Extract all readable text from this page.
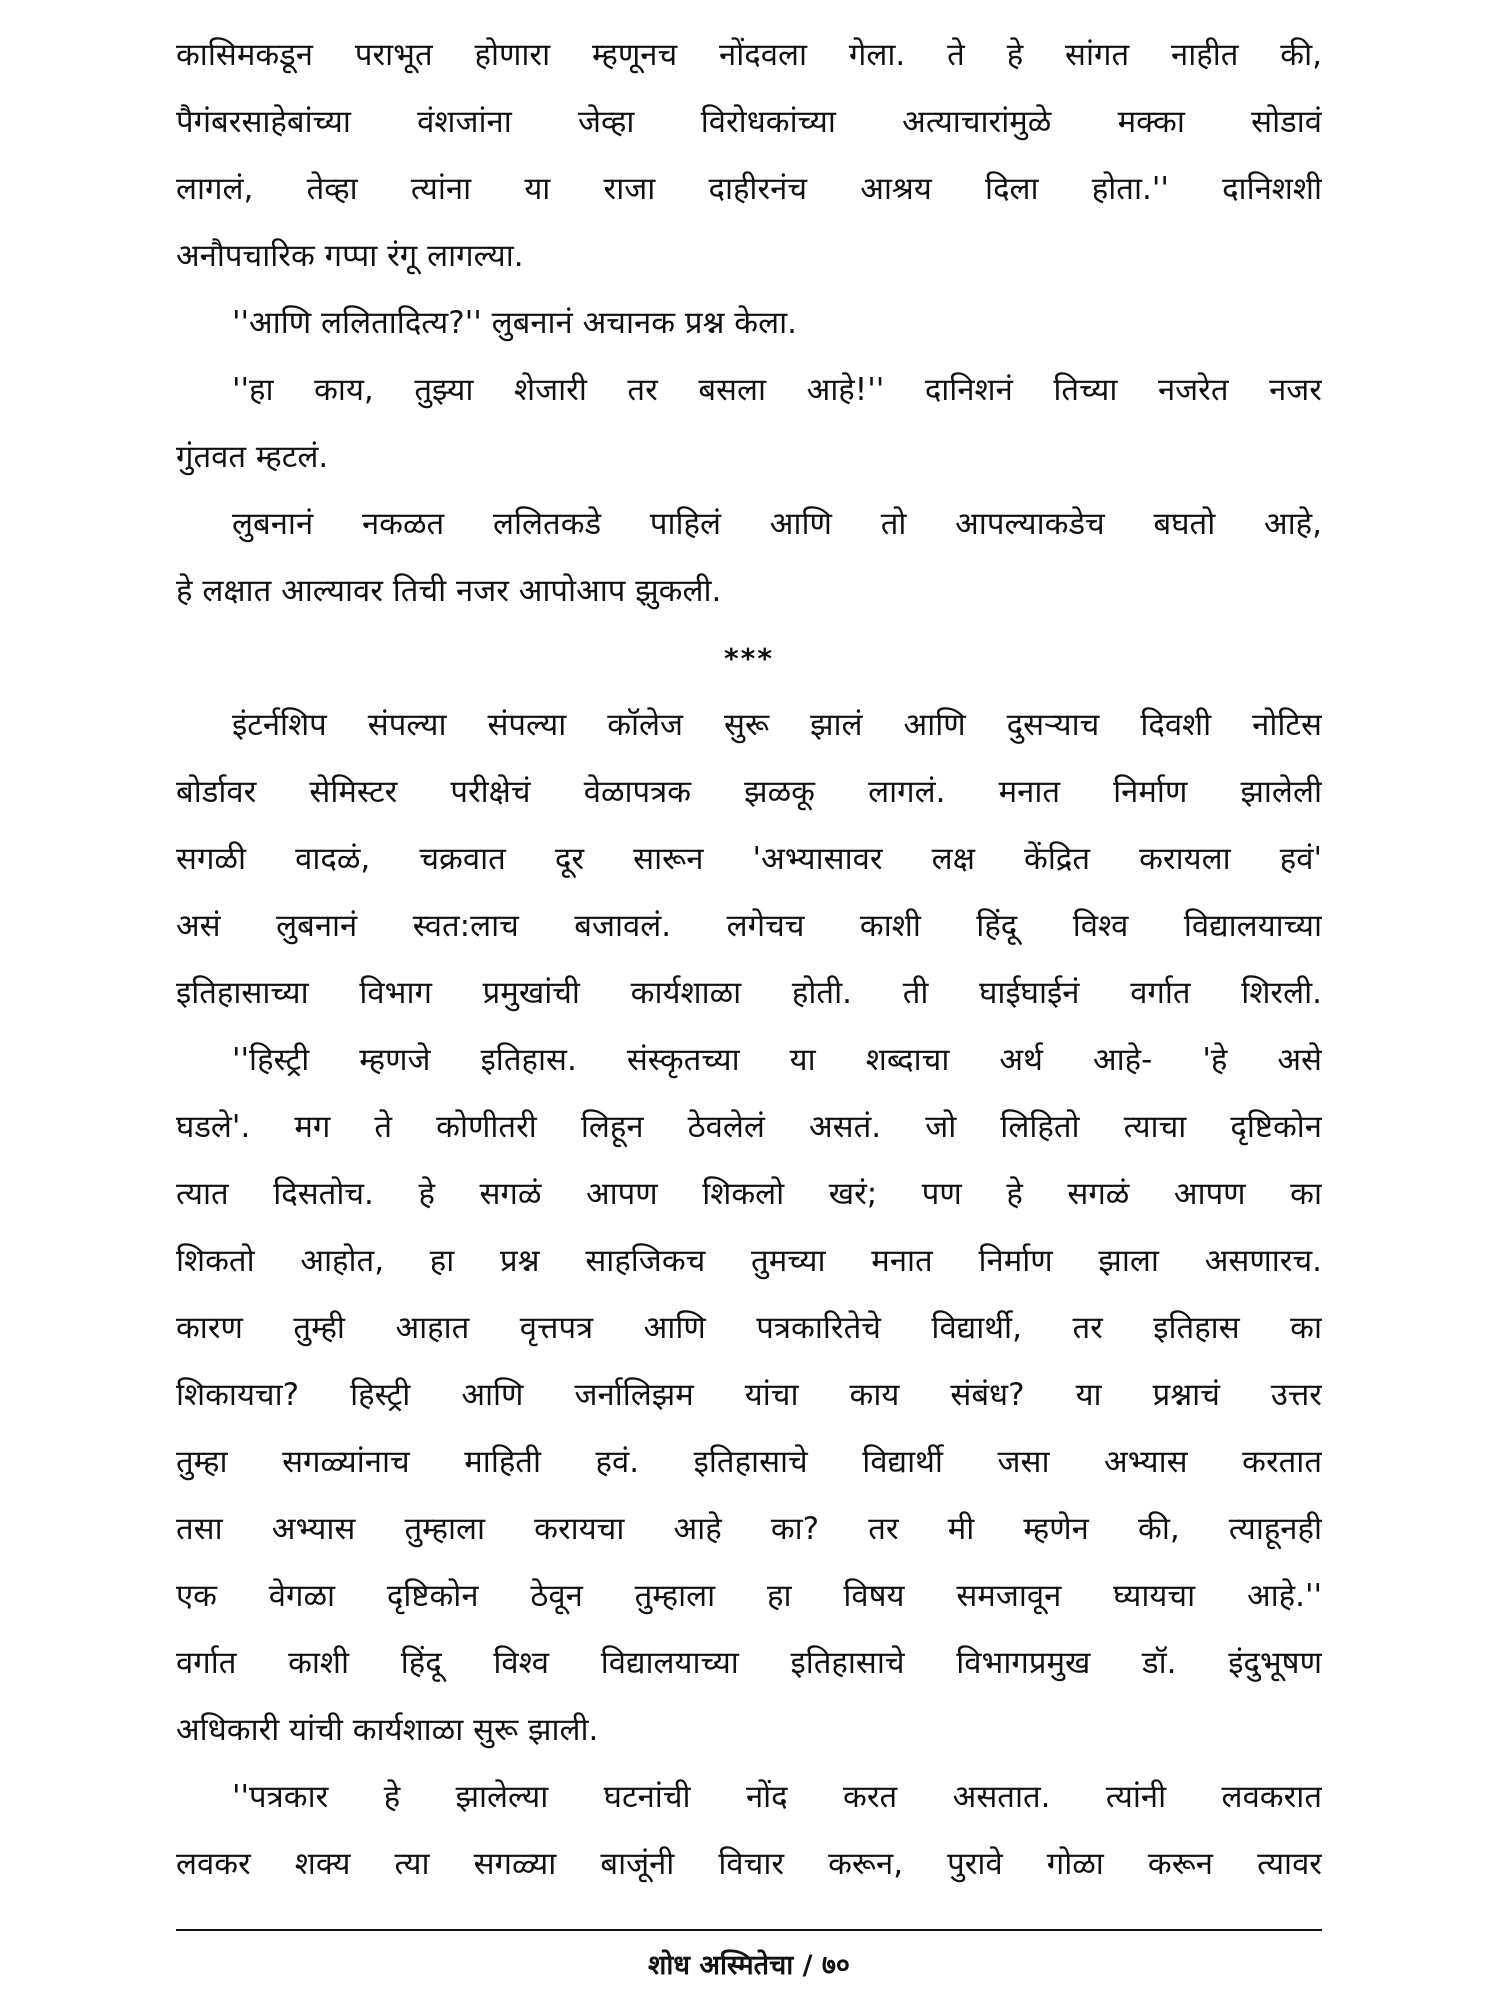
कासिमकडून पराभूत होणारा म्हणूनच नोंदवला गेला. ते हे सांगत नाहीत की,
पैगंबरसाहेबांच्या वंशजांना जेव्हा विरोधकांच्या अत्याचारांमुळे मक्का सोडावं
लागलं, तेव्हा त्यांना या राजा दाहीरनंच आश्रय दिला होता.'' दानिशशी
अनौपचारिक गप्पा रंगू लागल्या.
''आणि ललितादित्य?'' लुबनानं अचानक प्रश्न केला.
''हा काय, तुझ्या शेजारी तर बसला आहे!'' दानिशनं तिच्या नजरेत नजर
गुंतवत म्हटलं.
लुबनानं नकळत ललितकडे पाहिलं आणि तो आपल्याकडेच बघतो आहे,
हे लक्षात आल्यावर तिची नजर आपोआप झुकली.
***
इंटर्नशिप संपल्या संपल्या कॉलेज सुरू झालं आणि दुसऱ्याच दिवशी नोटिस
बोर्डावर सेमिस्टर परीक्षेचं वेळापत्रक झळकू लागलं. मनात निर्माण झालेली
सगळी वादळं, चक्रवात दूर सारून 'अभ्यासावर लक्ष केंद्रित करायला हवं'
असं लुबनानं स्वत:लाच बजावलं. लगेचच काशी हिंदू विश्व विद्यालयाच्या
इतिहासाच्या विभाग प्रमुखांची कार्यशाळा होती. ती घाईघाईनं वर्गात शिरली.
''हिस्ट्री म्हणजे इतिहास. संस्कृतच्या या शब्दाचा अर्थ आहे- 'हे असे
घडले'. मग ते कोणीतरी लिहून ठेवलेलं असतं. जो लिहितो त्याचा दृष्टिकोन
त्यात दिसतोच. हे सगळं आपण शिकलो खरं; पण हे सगळं आपण का
शिकतो आहोत, हा प्रश्न साहजिकच तुमच्या मनात निर्माण झाला असणारच.
कारण तुम्ही आहात वृत्तपत्र आणि पत्रकारितेचे विद्यार्थी, तर इतिहास का
शिकायचा? हिस्ट्री आणि जर्नालिझम यांचा काय संबंध? या प्रश्नाचं उत्तर
तुम्हा सगळ्यांनाच माहिती हवं. इतिहासाचे विद्यार्थी जसा अभ्यास करतात
तसा अभ्यास तुम्हाला करायचा आहे का? तर मी म्हणेन की, त्याहूनही
एक वेगळा दृष्टिकोन ठेवून तुम्हाला हा विषय समजावून घ्यायचा आहे.''
वर्गात काशी हिंदू विश्व विद्यालयाच्या इतिहासाचे विभागप्रमुख डॉ. इंदुभूषण
अधिकारी यांची कार्यशाळा सुरू झाली.
''पत्रकार हे झालेल्या घटनांची नोंद करत असतात. त्यांनी लवकरात
लवकर शक्य त्या सगळ्या बाजूंनी विचार करून, पुरावे गोळा करून त्यावर
शोध अस्मितेचा / ७०
